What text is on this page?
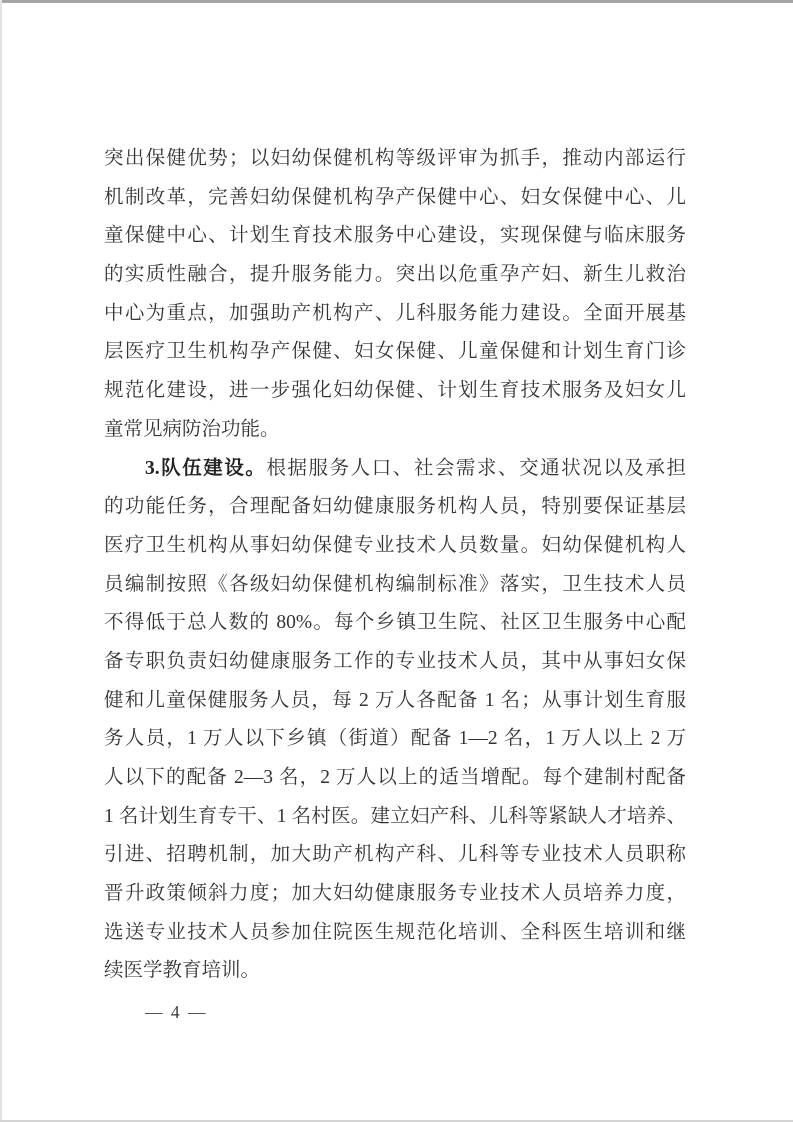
突出保健优势；以妇幼保健机构等级评审为抓手，推动内部运行
机制改革，完善妇幼保健机构孕产保健中心、妇女保健中心、儿
童保健中心、计划生育技术服务中心建设，实现保健与临床服务
的实质性融合，提升服务能力。突出以危重孕产妇、新生儿救治
中心为重点，加强助产机构产、儿科服务能力建设。全面开展基
层医疗卫生机构孕产保健、妇女保健、儿童保健和计划生育门诊
规范化建设，进一步强化妇幼保健、计划生育技术服务及妇女儿
童常见病防治功能。
3.队伍建设。根据服务人口、社会需求、交通状况以及承担
的功能任务，合理配备妇幼健康服务机构人员，特别要保证基层
医疗卫生机构从事妇幼保健专业技术人员数量。妇幼保健机构人
员编制按照《各级妇幼保健机构编制标准》落实，卫生技术人员
不得低于总人数的 80%。每个乡镇卫生院、社区卫生服务中心配
备专职负责妇幼健康服务工作的专业技术人员，其中从事妇女保
健和儿童保健服务人员，每 2 万人各配备 1 名；从事计划生育服
务人员，1 万人以下乡镇（街道）配备 1—2 名，1 万人以上 2 万
人以下的配备 2—3 名，2 万人以上的适当增配。每个建制村配备
1 名计划生育专干、1 名村医。建立妇产科、儿科等紧缺人才培养、
引进、招聘机制，加大助产机构产科、儿科等专业技术人员职称
晋升政策倾斜力度；加大妇幼健康服务专业技术人员培养力度，
选送专业技术人员参加住院医生规范化培训、全科医生培训和继
续医学教育培训。
— 4 —
